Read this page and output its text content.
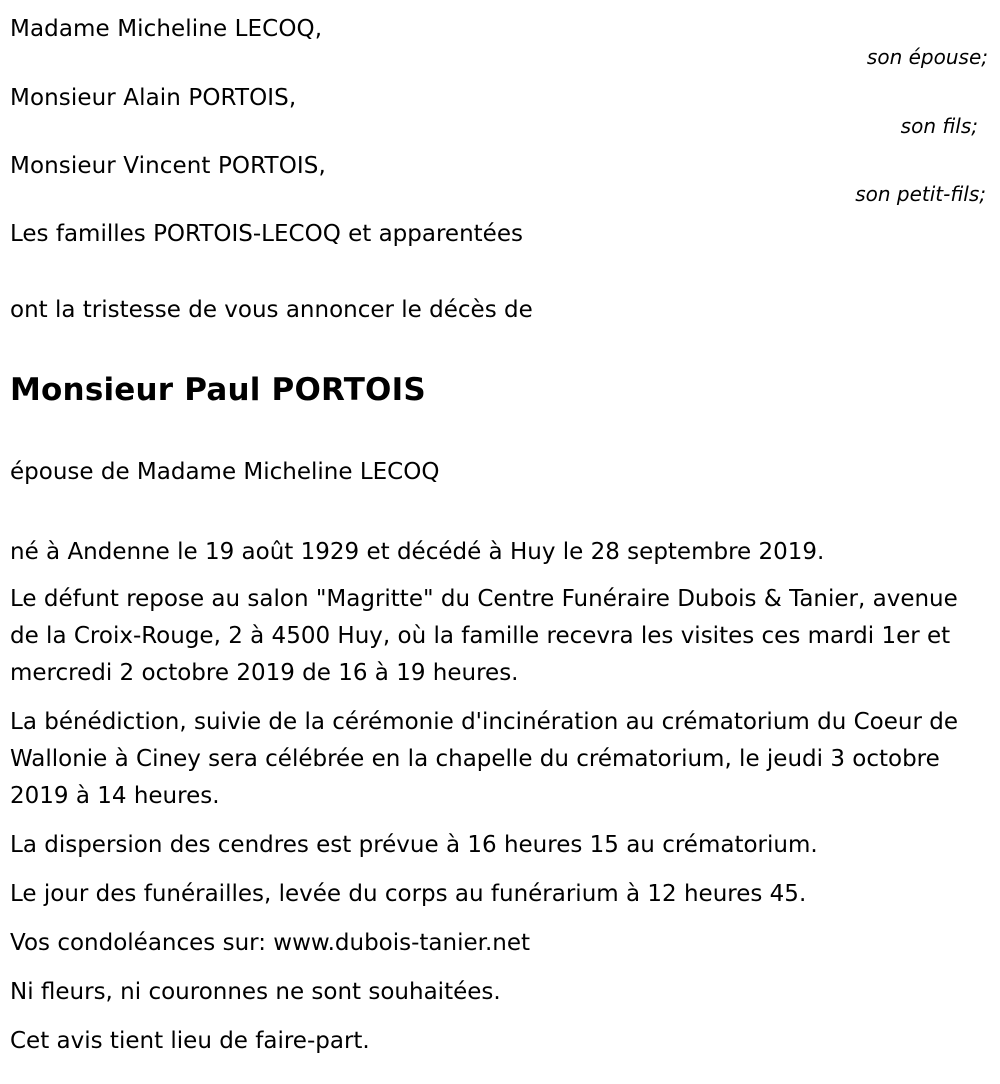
Madame Micheline LECOQ,
son épouse;
Monsieur Alain PORTOIS,
son fils;
Monsieur Vincent PORTOIS,
son petit-fils;
Les familles PORTOIS-LECOQ et apparentées
ont la tristesse de vous annoncer le décès de
Monsieur Paul PORTOIS
épouse de Madame Micheline LECOQ
né à Andenne le 19 août 1929 et décédé à Huy le 28 septembre 2019.
Le défunt repose au salon "Magritte" du Centre Funéraire Dubois & Tanier, avenue de la Croix-Rouge, 2 à 4500 Huy, où la famille recevra les visites ces mardi 1er et mercredi 2 octobre 2019 de 16 à 19 heures.
La bénédiction, suivie de la cérémonie d'incinération au crématorium du Coeur de Wallonie à Ciney sera célébrée en la chapelle du crématorium, le jeudi 3 octobre 2019 à 14 heures.
La dispersion des cendres est prévue à 16 heures 15 au crématorium.
Le jour des funérailles, levée du corps au funérarium à 12 heures 45.
Vos condoléances sur: www.dubois-tanier.net
Ni fleurs, ni couronnes ne sont souhaitées.
Cet avis tient lieu de faire-part.
